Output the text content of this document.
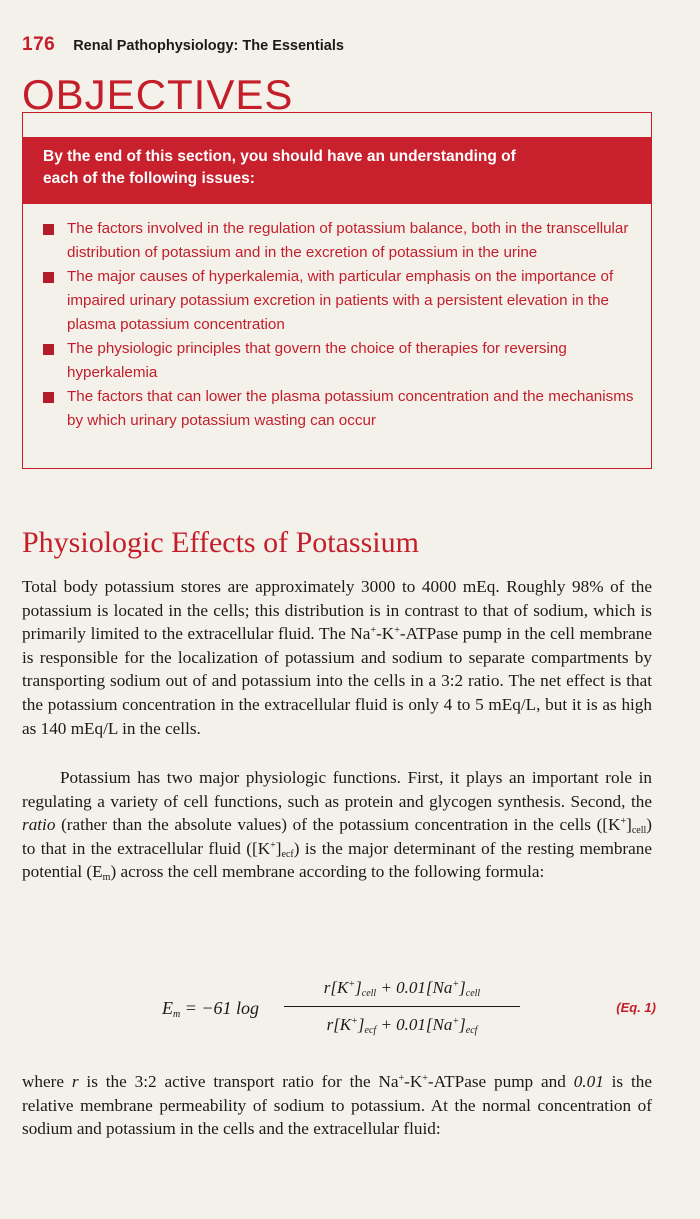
176 Renal Pathophysiology: The Essentials
OBJECTIVES
By the end of this section, you should have an understanding of
each of the following issues:
The factors involved in the regulation of potassium balance, both in the transcellular distribution of potassium and in the excretion of potassium in the urine
The major causes of hyperkalemia, with particular emphasis on the importance of impaired urinary potassium excretion in patients with a persistent elevation in the plasma potassium concentration
The physiologic principles that govern the choice of therapies for reversing hyperkalemia
The factors that can lower the plasma potassium concentration and the mechanisms by which urinary potassium wasting can occur
Physiologic Effects of Potassium

Total body potassium stores are approximately 3000 to 4000 mEq. Roughly 98% of the potassium is located in the cells; this distribution is in contrast to that of sodium, which is primarily limited to the extracellular fluid. The Na+-K+-ATPase pump in the cell membrane is responsible for the localization of potassium and sodium to separate compartments by transporting sodium out of and potassium into the cells in a 3:2 ratio. The net effect is that the potassium concentration in the extracellular fluid is only 4 to 5 mEq/L, but it is as high as 140 mEq/L in the cells.

Potassium has two major physiologic functions. First, it plays an important role in regulating a variety of cell functions, such as protein and glycogen synthesis. Second, the ratio (rather than the absolute values) of the potassium concentration in the cells $([K^+]_{cell})$ to that in the extracellular fluid $([K^+]_{ecf})$ is the major determinant of the resting membrane potential $(E_m)$ across the cell membrane according to the following formula:

$E_m = -61$ log
$r[K^+]_{cell} + 0.01[Na^+]_{cell}$
$r[K^+]_{ecf} + 0.01[Na^+]_{ecf}$
(Eq. 1)

where r is the 3:2 active transport ratio for the Na+-K+-ATPase pump and 0.01 is the relative membrane permeability of sodium to potassium. At the normal concentration of sodium and potassium in the cells and the extracellular fluid:
